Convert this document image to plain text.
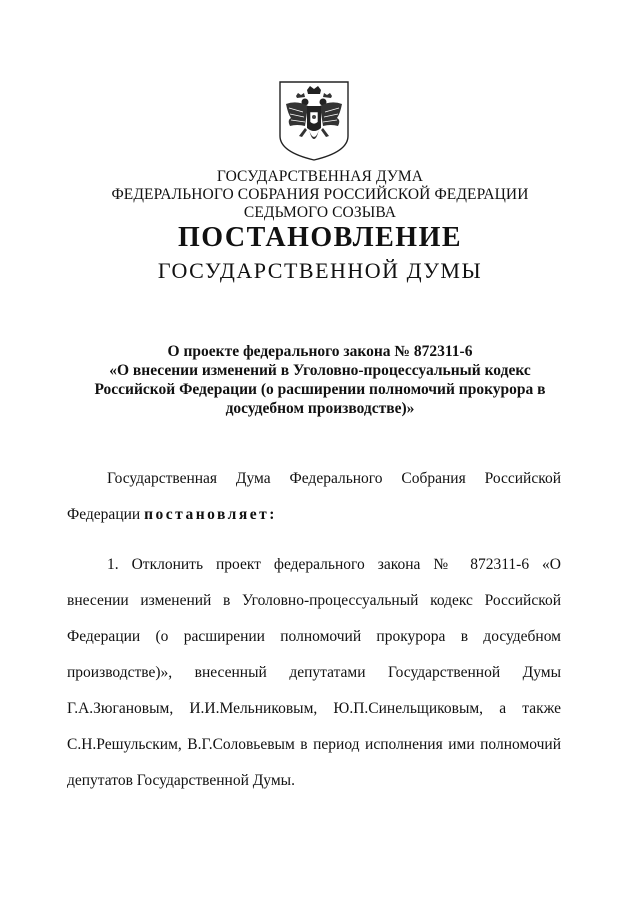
ГОСУДАРСТВЕННАЯ ДУМА
ФЕДЕРАЛЬНОГО СОБРАНИЯ РОССИЙСКОЙ ФЕДЕРАЦИИ
СЕДЬМОГО СОЗЫВА
ПОСТАНОВЛЕНИЕ
ГОСУДАРСТВЕННОЙ ДУМЫ
О проекте федерального закона № 872311-6
«О внесении изменений в Уголовно-процессуальный кодекс
Российской Федерации (о расширении полномочий прокурора в
досудебном производстве)»
Государственная Дума Федерального Собрания Российской
Федерации постановляет:
1. Отклонить проект федерального закона № 872311-6 «О
внесении изменений в Уголовно-процессуальный кодекс Российской
Федерации (о расширении полномочий прокурора в досудебном
производстве)», внесенный депутатами Государственной Думы
Г.А.Зюгановым, И.И.Мельниковым, Ю.П.Синельщиковым, а также
С.Н.Решульским, В.Г.Соловьевым в период исполнения ими полномочий
депутатов Государственной Думы.
